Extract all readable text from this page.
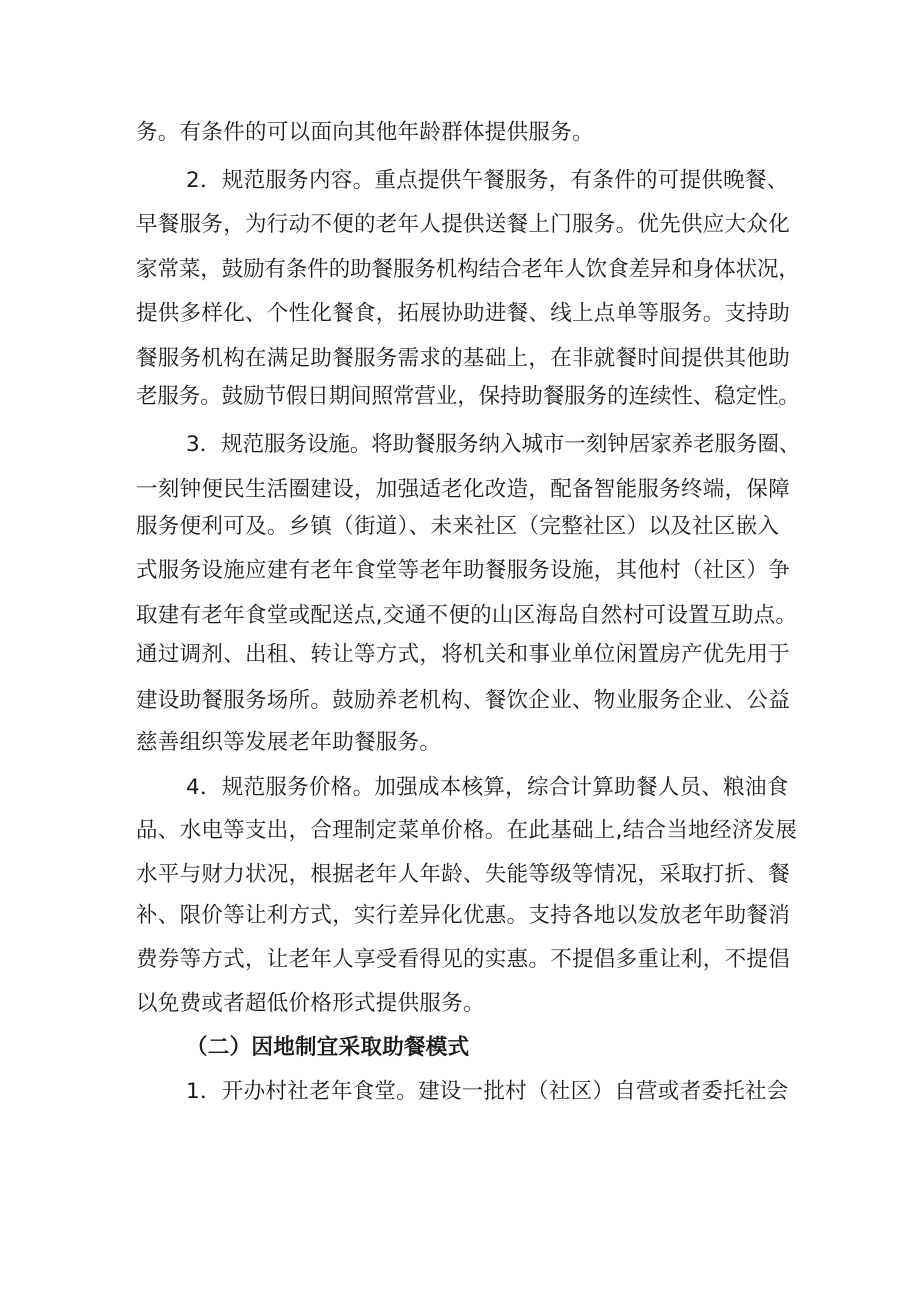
务。有条件的可以面向其他年龄群体提供服务。
2．规范服务内容。重点提供午餐服务，有条件的可提供晚餐、
早餐服务，为行动不便的老年人提供送餐上门服务。优先供应大众化
家常菜，鼓励有条件的助餐服务机构结合老年人饮食差异和身体状况，
提供多样化、个性化餐食，拓展协助进餐、线上点单等服务。支持助
餐服务机构在满足助餐服务需求的基础上，在非就餐时间提供其他助
老服务。鼓励节假日期间照常营业，保持助餐服务的连续性、稳定性。
3．规范服务设施。将助餐服务纳入城市一刻钟居家养老服务圈、
一刻钟便民生活圈建设，加强适老化改造，配备智能服务终端，保障
服务便利可及。乡镇（街道）、未来社区（完整社区）以及社区嵌入
式服务设施应建有老年食堂等老年助餐服务设施，其他村（社区）争
取建有老年食堂或配送点,交通不便的山区海岛自然村可设置互助点。
通过调剂、出租、转让等方式，将机关和事业单位闲置房产优先用于
建设助餐服务场所。鼓励养老机构、餐饮企业、物业服务企业、公益
慈善组织等发展老年助餐服务。
4．规范服务价格。加强成本核算，综合计算助餐人员、粮油食
品、水电等支出，合理制定菜单价格。在此基础上,结合当地经济发展
水平与财力状况，根据老年人年龄、失能等级等情况，采取打折、餐
补、限价等让利方式，实行差异化优惠。支持各地以发放老年助餐消
费券等方式，让老年人享受看得见的实惠。不提倡多重让利，不提倡
以免费或者超低价格形式提供服务。
（二）因地制宜采取助餐模式
1．开办村社老年食堂。建设一批村（社区）自营或者委托社会
